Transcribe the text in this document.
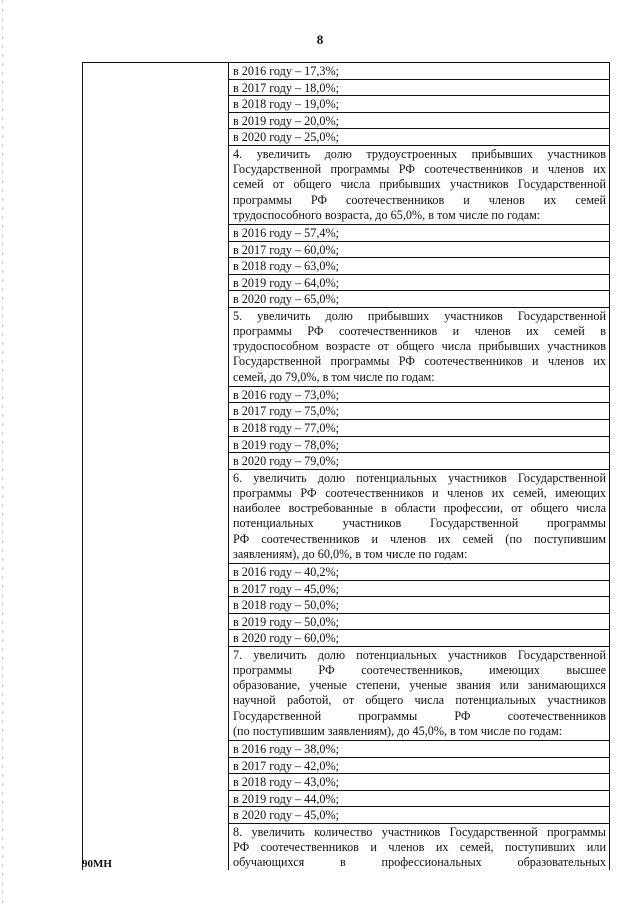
8
в 2016 году – 17,3%;
в 2017 году – 18,0%;
в 2018 году – 19,0%;
в 2019 году – 20,0%;
в 2020 году – 25,0%;
4. увеличить долю трудоустроенных прибывших участников
Государственной программы РФ соотечественников и членов их
семей от общего числа прибывших участников Государственной
программы РФ соотечественников и членов их семей
трудоспособного возраста, до 65,0%, в том числе по годам:
в 2016 году – 57,4%;
в 2017 году – 60,0%;
в 2018 году – 63,0%;
в 2019 году – 64,0%;
в 2020 году – 65,0%;
5. увеличить долю прибывших участников Государственной
программы РФ соотечественников и членов их семей в
трудоспособном возрасте от общего числа прибывших участников
Государственной программы РФ соотечественников и членов их
семей, до 79,0%, в том числе по годам:
в 2016 году – 73,0%;
в 2017 году – 75,0%;
в 2018 году – 77,0%;
в 2019 году – 78,0%;
в 2020 году – 79,0%;
6. увеличить долю потенциальных участников Государственной
программы РФ соотечественников и членов их семей, имеющих
наиболее востребованные в области профессии, от общего числа
потенциальных участников Государственной программы
РФ соотечественников и членов их семей (по поступившим
заявлениям), до 60,0%, в том числе по годам:
в 2016 году – 40,2%;
в 2017 году – 45,0%;
в 2018 году – 50,0%;
в 2019 году – 50,0%;
в 2020 году – 60,0%;
7. увеличить долю потенциальных участников Государственной
программы РФ соотечественников, имеющих высшее
образование, ученые степени, ученые звания или занимающихся
научной работой, от общего числа потенциальных участников
Государственной программы РФ соотечественников
(по поступившим заявлениям), до 45,0%, в том числе по годам:
в 2016 году – 38,0%;
в 2017 году – 42,0%;
в 2018 году – 43,0%;
в 2019 году – 44,0%;
в 2020 году – 45,0%;
8. увеличить количество участников Государственной программы
РФ соотечественников и членов их семей, поступивших или
обучающихся в профессиональных образовательных
90МН
